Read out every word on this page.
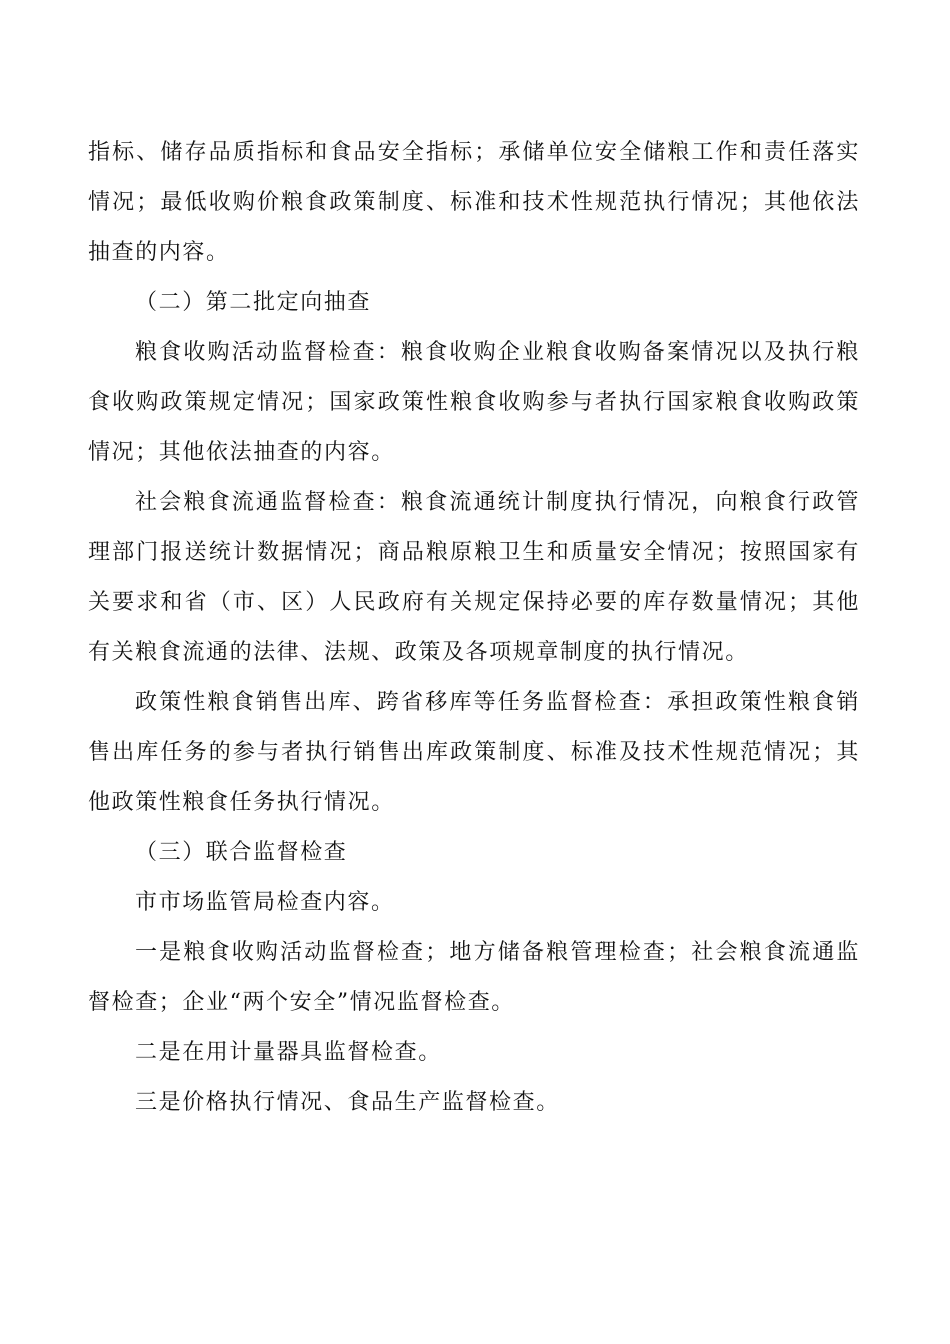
指标、储存品质指标和食品安全指标；承储单位安全储粮工作和责任落实情况；最低收购价粮食政策制度、标准和技术性规范执行情况；其他依法抽查的内容。

（二）第二批定向抽查

粮食收购活动监督检查：粮食收购企业粮食收购备案情况以及执行粮食收购政策规定情况；国家政策性粮食收购参与者执行国家粮食收购政策情况；其他依法抽查的内容。

社会粮食流通监督检查：粮食流通统计制度执行情况，向粮食行政管理部门报送统计数据情况；商品粮原粮卫生和质量安全情况；按照国家有关要求和省（市、区）人民政府有关规定保持必要的库存数量情况；其他有关粮食流通的法律、法规、政策及各项规章制度的执行情况。

政策性粮食销售出库、跨省移库等任务监督检查：承担政策性粮食销售出库任务的参与者执行销售出库政策制度、标准及技术性规范情况；其他政策性粮食任务执行情况。

（三）联合监督检查

市市场监管局检查内容。

一是粮食收购活动监督检查；地方储备粮管理检查；社会粮食流通监督检查；企业“两个安全”情况监督检查。

二是在用计量器具监督检查。

三是价格执行情况、食品生产监督检查。
